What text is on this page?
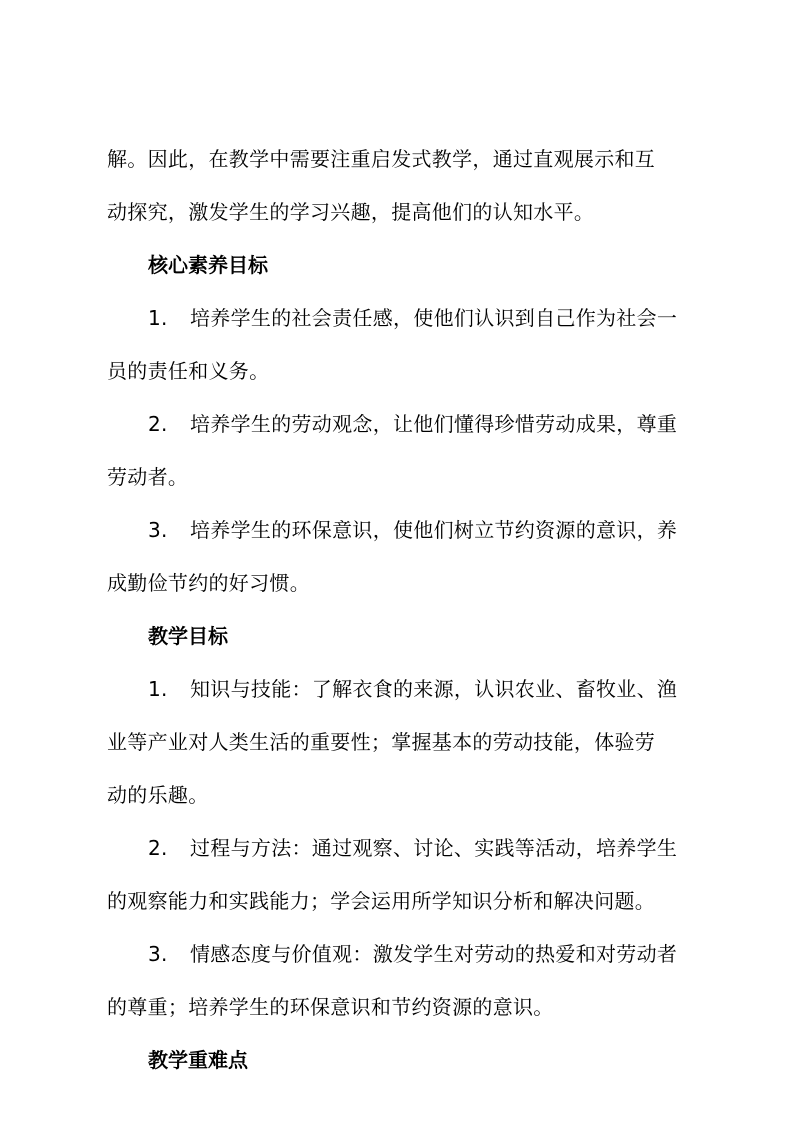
解。因此，在教学中需要注重启发式教学，通过直观展示和互
动探究，激发学生的学习兴趣，提高他们的认知水平。

核心素养目标

1. 培养学生的社会责任感，使他们认识到自己作为社会一
员的责任和义务。

2. 培养学生的劳动观念，让他们懂得珍惜劳动成果，尊重
劳动者。

3. 培养学生的环保意识，使他们树立节约资源的意识，养
成勤俭节约的好习惯。

教学目标

1. 知识与技能：了解衣食的来源，认识农业、畜牧业、渔
业等产业对人类生活的重要性；掌握基本的劳动技能，体验劳
动的乐趣。

2. 过程与方法：通过观察、讨论、实践等活动，培养学生
的观察能力和实践能力；学会运用所学知识分析和解决问题。

3. 情感态度与价值观：激发学生对劳动的热爱和对劳动者
的尊重；培养学生的环保意识和节约资源的意识。

教学重难点
